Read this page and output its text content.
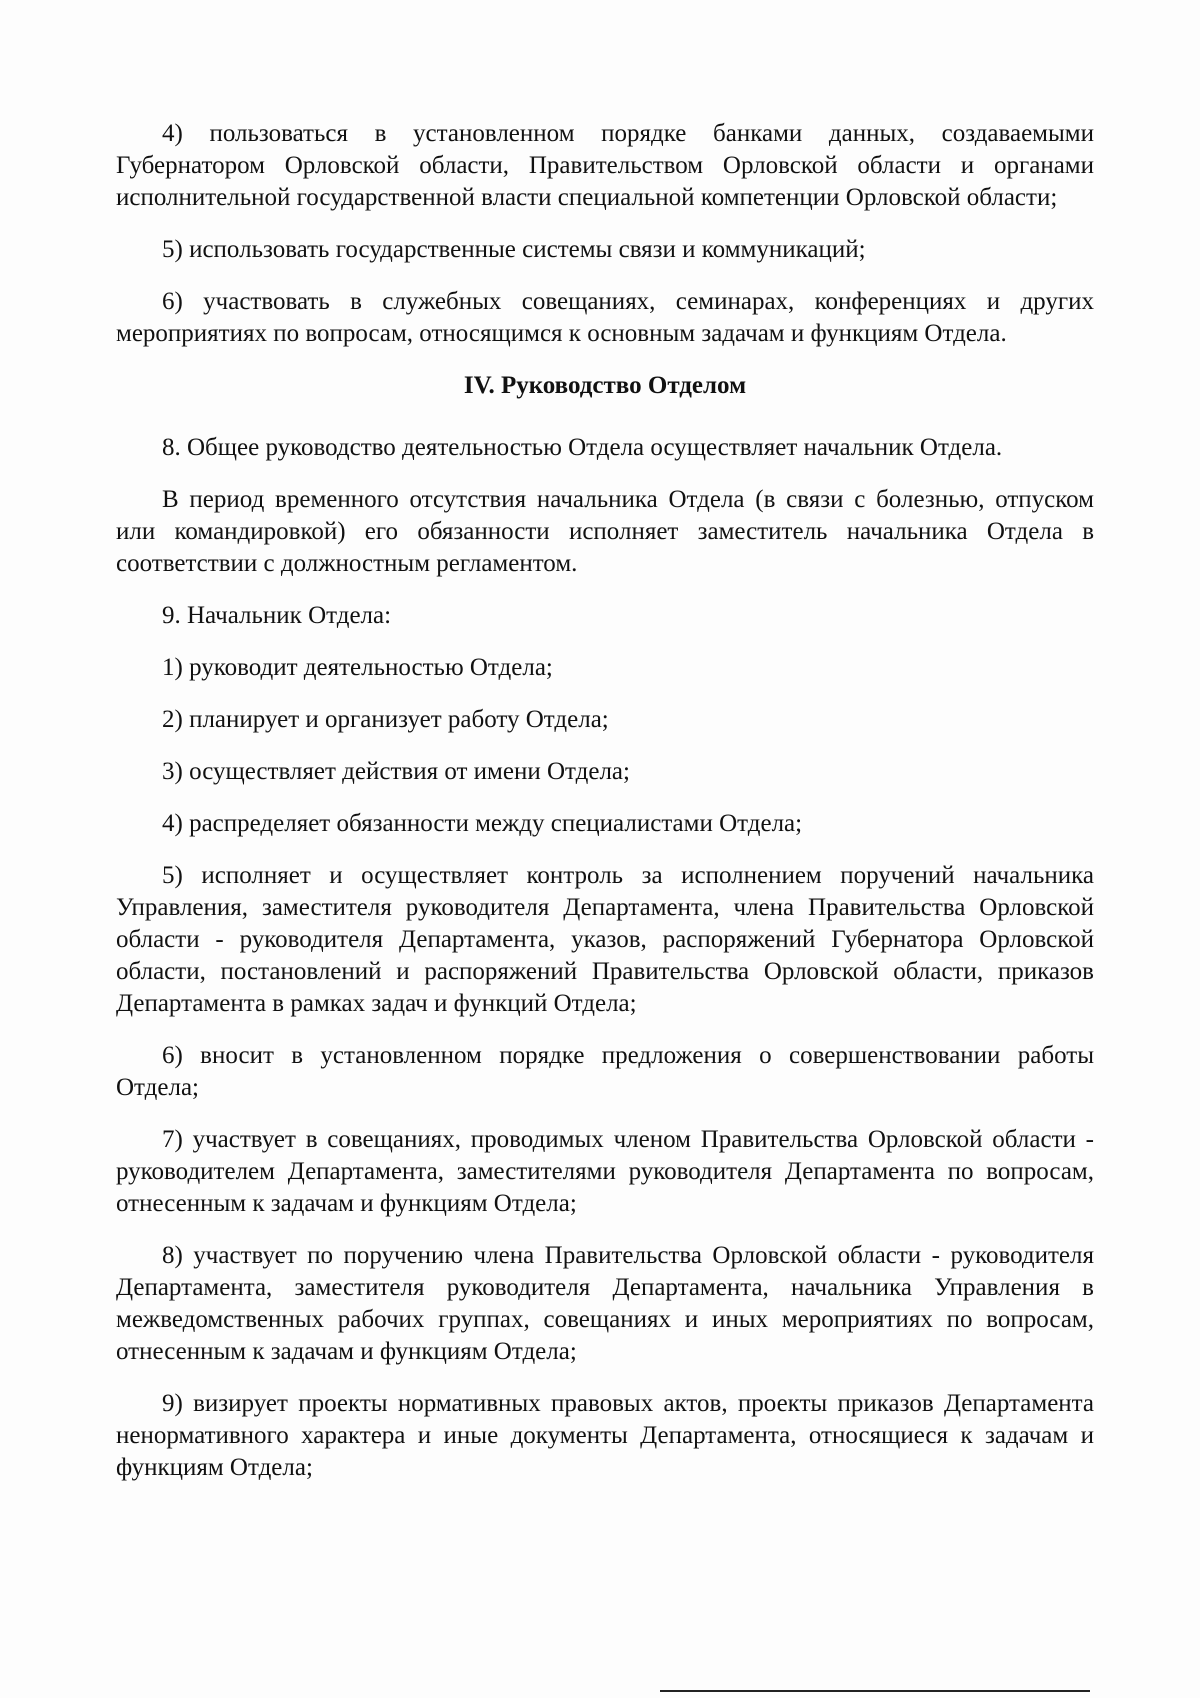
4) пользоваться в установленном порядке банками данных, создаваемыми Губернатором Орловской области, Правительством Орловской области и органами исполнительной государственной власти специальной компетенции Орловской области;

5) использовать государственные системы связи и коммуникаций;

6) участвовать в служебных совещаниях, семинарах, конференциях и других мероприятиях по вопросам, относящимся к основным задачам и функциям Отдела.

IV. Руководство Отделом

8. Общее руководство деятельностью Отдела осуществляет начальник Отдела.

В период временного отсутствия начальника Отдела (в связи с болезнью, отпуском или командировкой) его обязанности исполняет заместитель начальника Отдела в соответствии с должностным регламентом.

9. Начальник Отдела:

1) руководит деятельностью Отдела;

2) планирует и организует работу Отдела;

3) осуществляет действия от имени Отдела;

4) распределяет обязанности между специалистами Отдела;

5) исполняет и осуществляет контроль за исполнением поручений начальника Управления, заместителя руководителя Департамента, члена Правительства Орловской области - руководителя Департамента, указов, распоряжений Губернатора Орловской области, постановлений и распоряжений Правительства Орловской области, приказов Департамента в рамках задач и функций Отдела;

6) вносит в установленном порядке предложения о совершенствовании работы Отдела;

7) участвует в совещаниях, проводимых членом Правительства Орловской области - руководителем Департамента, заместителями руководителя Департамента по вопросам, отнесенным к задачам и функциям Отдела;

8) участвует по поручению члена Правительства Орловской области - руководителя Департамента, заместителя руководителя Департамента, начальника Управления в межведомственных рабочих группах, совещаниях и иных мероприятиях по вопросам, отнесенным к задачам и функциям Отдела;

9) визирует проекты нормативных правовых актов, проекты приказов Департамента ненормативного характера и иные документы Департамента, относящиеся к задачам и функциям Отдела;
